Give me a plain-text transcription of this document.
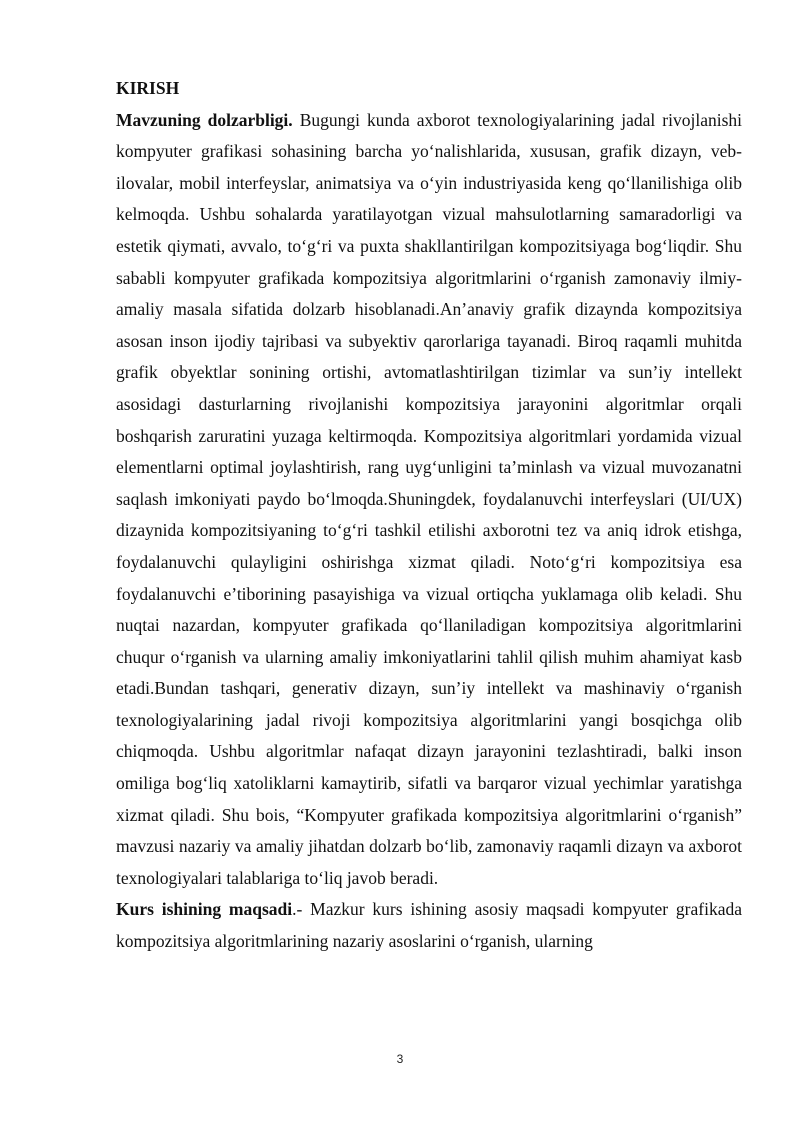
KIRISH

Mavzuning dolzarbligi. Bugungi kunda axborot texnologiyalarining jadal rivojlanishi kompyuter grafikasi sohasining barcha yo‘nalishlarida, xususan, grafik dizayn, veb-ilovalar, mobil interfeyslar, animatsiya va o‘yin industriyasida keng qo‘llanilishiga olib kelmoqda. Ushbu sohalarda yaratilayotgan vizual mahsulotlarning samaradorligi va estetik qiymati, avvalo, to‘g‘ri va puxta shakllantirilgan kompozitsiyaga bog‘liqdir. Shu sababli kompyuter grafikada kompozitsiya algoritmlarini o‘rganish zamonaviy ilmiy-amaliy masala sifatida dolzarb hisoblanadi.An’anaviy grafik dizaynda kompozitsiya asosan inson ijodiy tajribasi va subyektiv qarorlariga tayanadi. Biroq raqamli muhitda grafik obyektlar sonining ortishi, avtomatlashtirilgan tizimlar va sun’iy intellekt asosidagi dasturlarning rivojlanishi kompozitsiya jarayonini algoritmlar orqali boshqarish zaruratini yuzaga keltirmoqda. Kompozitsiya algoritmlari yordamida vizual elementlarni optimal joylashtirish, rang uyg‘unligini ta’minlash va vizual muvozanatni saqlash imkoniyati paydo bo‘lmoqda.Shuningdek, foydalanuvchi interfeyslari (UI/UX) dizaynida kompozitsiyaning to‘g‘ri tashkil etilishi axborotni tez va aniq idrok etishga, foydalanuvchi qulayligini oshirishga xizmat qiladi. Noto‘g‘ri kompozitsiya esa foydalanuvchi e’tiborining pasayishiga va vizual ortiqcha yuklamaga olib keladi. Shu nuqtai nazardan, kompyuter grafikada qo‘llaniladigan kompozitsiya algoritmlarini chuqur o‘rganish va ularning amaliy imkoniyatlarini tahlil qilish muhim ahamiyat kasb etadi.Bundan tashqari, generativ dizayn, sun’iy intellekt va mashinaviy o‘rganish texnologiyalarining jadal rivoji kompozitsiya algoritmlarini yangi bosqichga olib chiqmoqda. Ushbu algoritmlar nafaqat dizayn jarayonini tezlashtiradi, balki inson omiliga bog‘liq xatoliklarni kamaytirib, sifatli va barqaror vizual yechimlar yaratishga xizmat qiladi. Shu bois, “Kompyuter grafikada kompozitsiya algoritmlarini o‘rganish” mavzusi nazariy va amaliy jihatdan dolzarb bo‘lib, zamonaviy raqamli dizayn va axborot texnologiyalari talablariga to‘liq javob beradi.

Kurs ishining maqsadi.- Mazkur kurs ishining asosiy maqsadi kompyuter grafikada kompozitsiya algoritmlarining nazariy asoslarini o‘rganish, ularning

3
